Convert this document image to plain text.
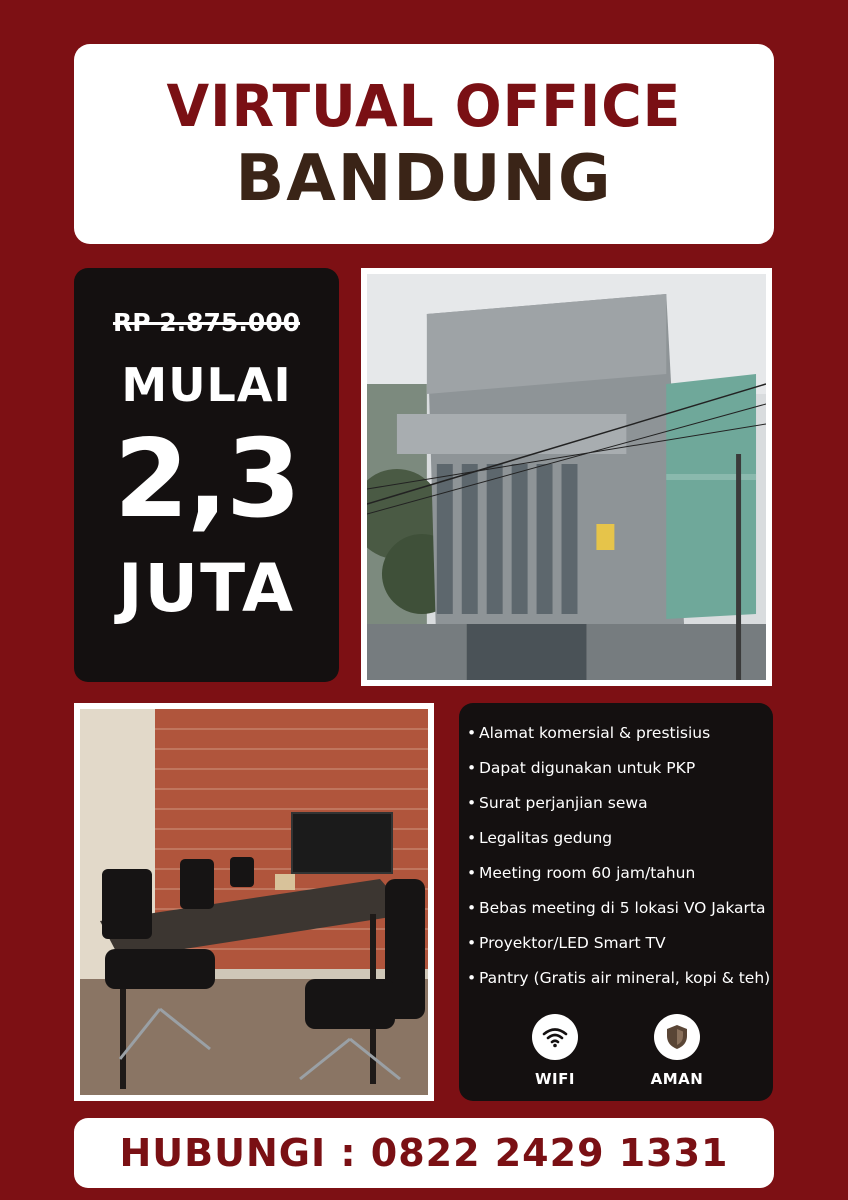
VIRTUAL OFFICE
BANDUNG
RP 2.875.000
MULAI
2,3
JUTA
• Alamat komersial & prestisius
• Dapat digunakan untuk PKP
• Surat perjanjian sewa
• Legalitas gedung
• Meeting room 60 jam/tahun
• Bebas meeting di 5 lokasi VO Jakarta
• Proyektor/LED Smart TV
• Pantry (Gratis air mineral, kopi & teh)
WIFI	AMAN
HUBUNGI : 0822 2429 1331
